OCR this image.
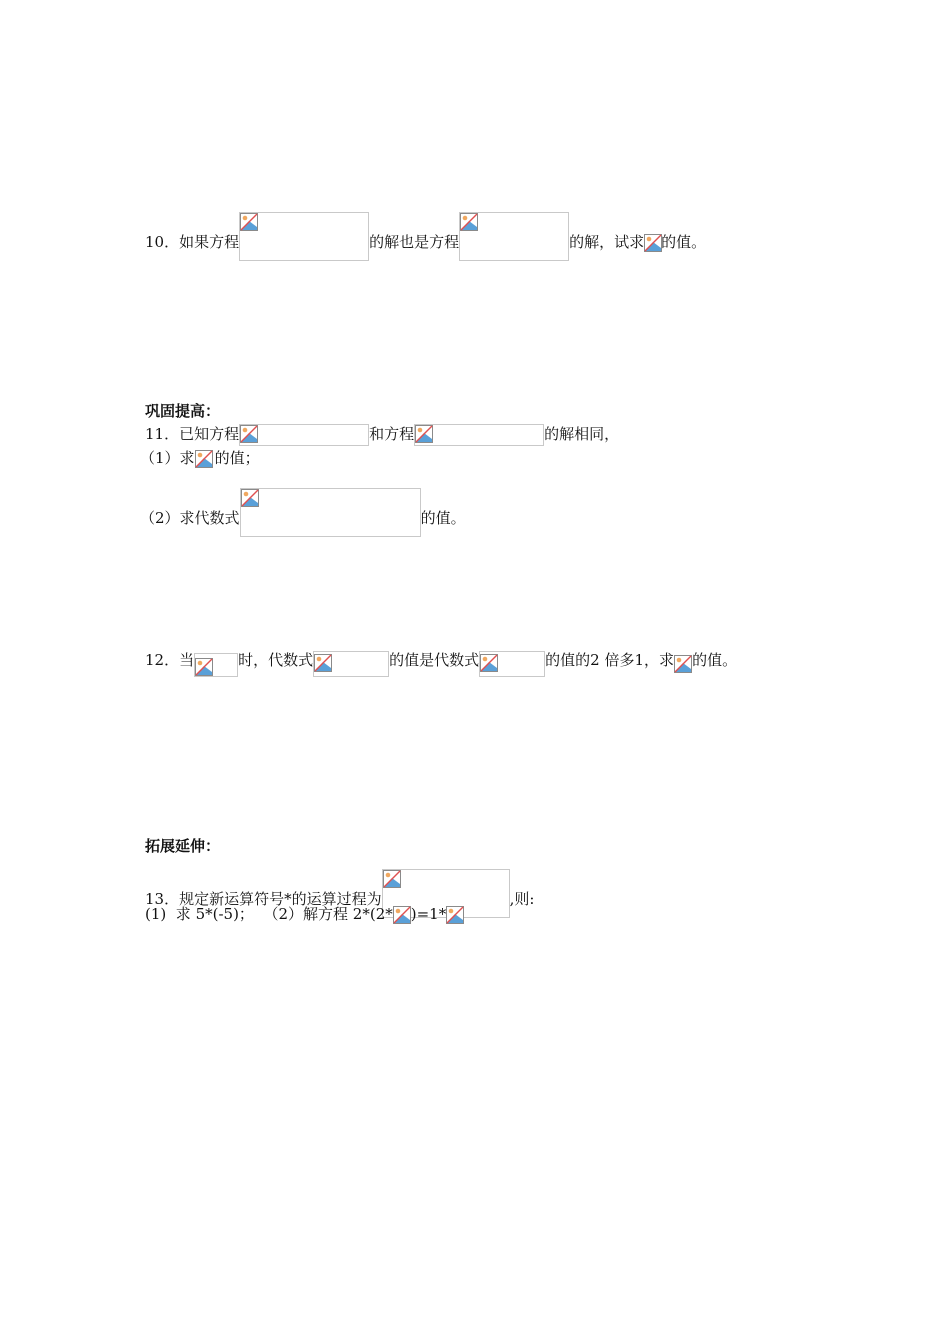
10．如果方程	的解也是方程	的解，试求 的值。
巩固提高：
11．已知方程	和方程	的解相同，
（1）求 的值；
（2）求代数式	的值。
12．当	时，代数式	的值是代数式	的值的2 倍多1，求 的值。
拓展延伸：
13．规定新运算符号*的运算过程为	,则:
(1) 求 5*(-5)； （2）解方程 2*(2* )=1*
